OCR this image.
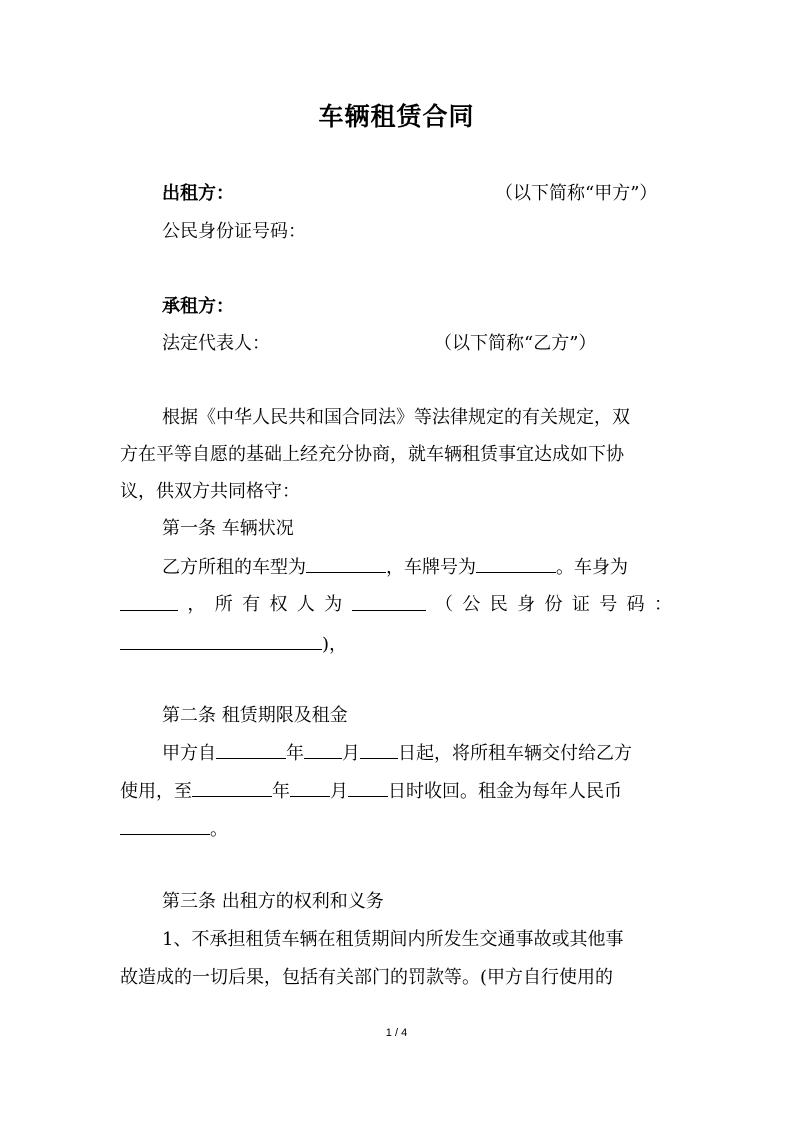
车辆租赁合同
出租方：	（以下简称“甲方”）
公民身份证号码：
承租方：
法定代表人：	（以下简称“乙方”）
根据《中华人民共和国合同法》等法律规定的有关规定，双
方在平等自愿的基础上经充分协商，就车辆租赁事宜达成如下协
议，供双方共同格守：
第一条 车辆状况
乙方所租的车型为	，车牌号为	。车身为
， 所 有 权 人 为	（ 公 民 身 份 证 号 码 ：
)，
第二条 租赁期限及租金
甲方自	年 月 日起，将所租车辆交付给乙方
使用，至	年 月 日时收回。租金为每年人民币
。
第三条 出租方的权利和义务
1、不承担租赁车辆在租赁期间内所发生交通事故或其他事
故造成的一切后果，包括有关部门的罚款等。(甲方自行使用的
1 / 4
